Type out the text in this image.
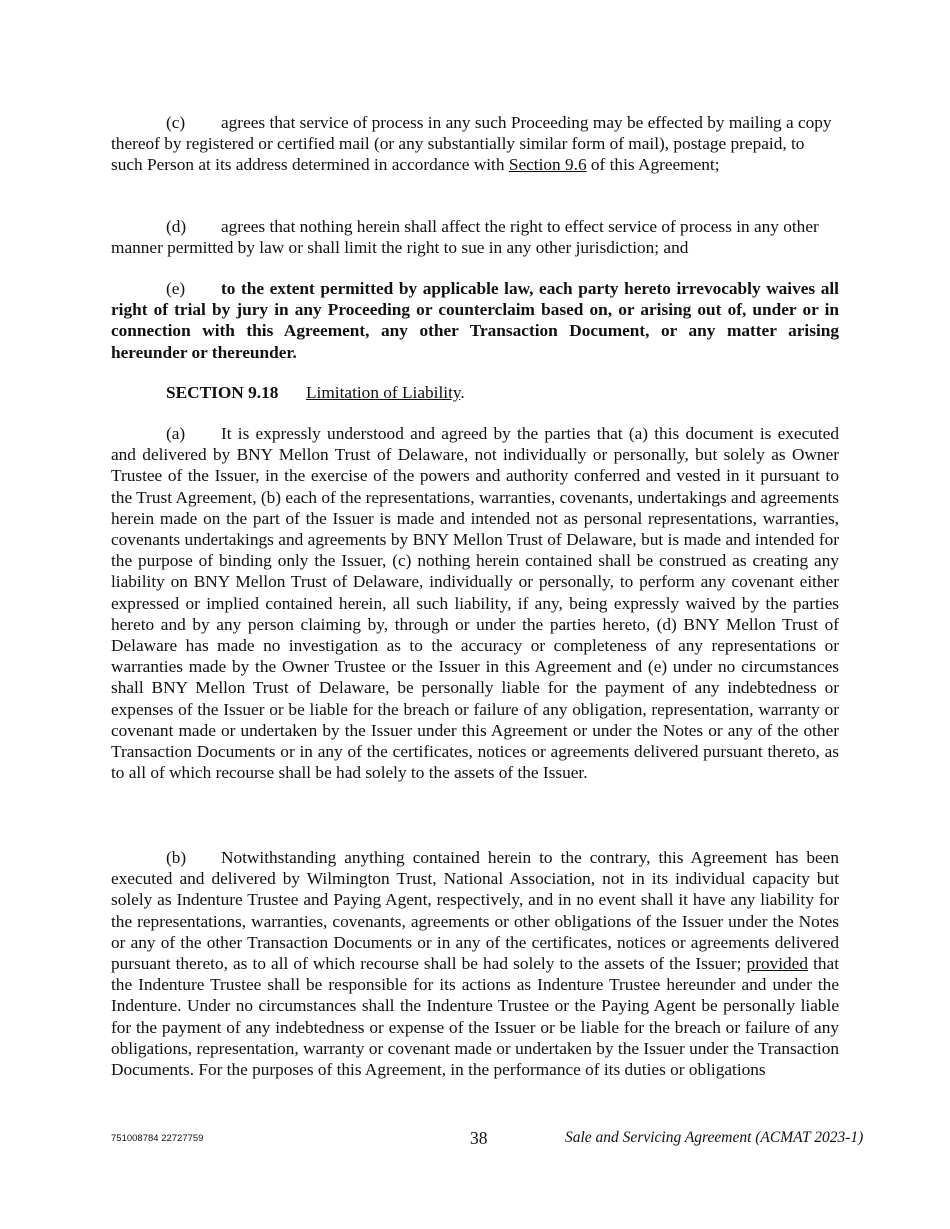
(c) agrees that service of process in any such Proceeding may be effected by mailing a copy thereof by registered or certified mail (or any substantially similar form of mail), postage prepaid, to such Person at its address determined in accordance with Section 9.6 of this Agreement;

(d) agrees that nothing herein shall affect the right to effect service of process in any other manner permitted by law or shall limit the right to sue in any other jurisdiction; and

(e) to the extent permitted by applicable law, each party hereto irrevocably waives all right of trial by jury in any Proceeding or counterclaim based on, or arising out of, under or in connection with this Agreement, any other Transaction Document, or any matter arising hereunder or thereunder.

SECTION 9.18 Limitation of Liability.

(a) It is expressly understood and agreed by the parties that (a) this document is executed and delivered by BNY Mellon Trust of Delaware, not individually or personally, but solely as Owner Trustee of the Issuer, in the exercise of the powers and authority conferred and vested in it pursuant to the Trust Agreement, (b) each of the representations, warranties, covenants, undertakings and agreements herein made on the part of the Issuer is made and intended not as personal representations, warranties, covenants undertakings and agreements by BNY Mellon Trust of Delaware, but is made and intended for the purpose of binding only the Issuer, (c) nothing herein contained shall be construed as creating any liability on BNY Mellon Trust of Delaware, individually or personally, to perform any covenant either expressed or implied contained herein, all such liability, if any, being expressly waived by the parties hereto and by any person claiming by, through or under the parties hereto, (d) BNY Mellon Trust of Delaware has made no investigation as to the accuracy or completeness of any representations or warranties made by the Owner Trustee or the Issuer in this Agreement and (e) under no circumstances shall BNY Mellon Trust of Delaware, be personally liable for the payment of any indebtedness or expenses of the Issuer or be liable for the breach or failure of any obligation, representation, warranty or covenant made or undertaken by the Issuer under this Agreement or under the Notes or any of the other Transaction Documents or in any of the certificates, notices or agreements delivered pursuant thereto, as to all of which recourse shall be had solely to the assets of the Issuer.

(b) Notwithstanding anything contained herein to the contrary, this Agreement has been executed and delivered by Wilmington Trust, National Association, not in its individual capacity but solely as Indenture Trustee and Paying Agent, respectively, and in no event shall it have any liability for the representations, warranties, covenants, agreements or other obligations of the Issuer under the Notes or any of the other Transaction Documents or in any of the certificates, notices or agreements delivered pursuant thereto, as to all of which recourse shall be had solely to the assets of the Issuer; provided that the Indenture Trustee shall be responsible for its actions as Indenture Trustee hereunder and under the Indenture. Under no circumstances shall the Indenture Trustee or the Paying Agent be personally liable for the payment of any indebtedness or expense of the Issuer or be liable for the breach or failure of any obligations, representation, warranty or covenant made or undertaken by the Issuer under the Transaction Documents. For the purposes of this Agreement, in the performance of its duties or obligations

751008784 22727759	38	Sale and Servicing Agreement (ACMAT 2023-1)
